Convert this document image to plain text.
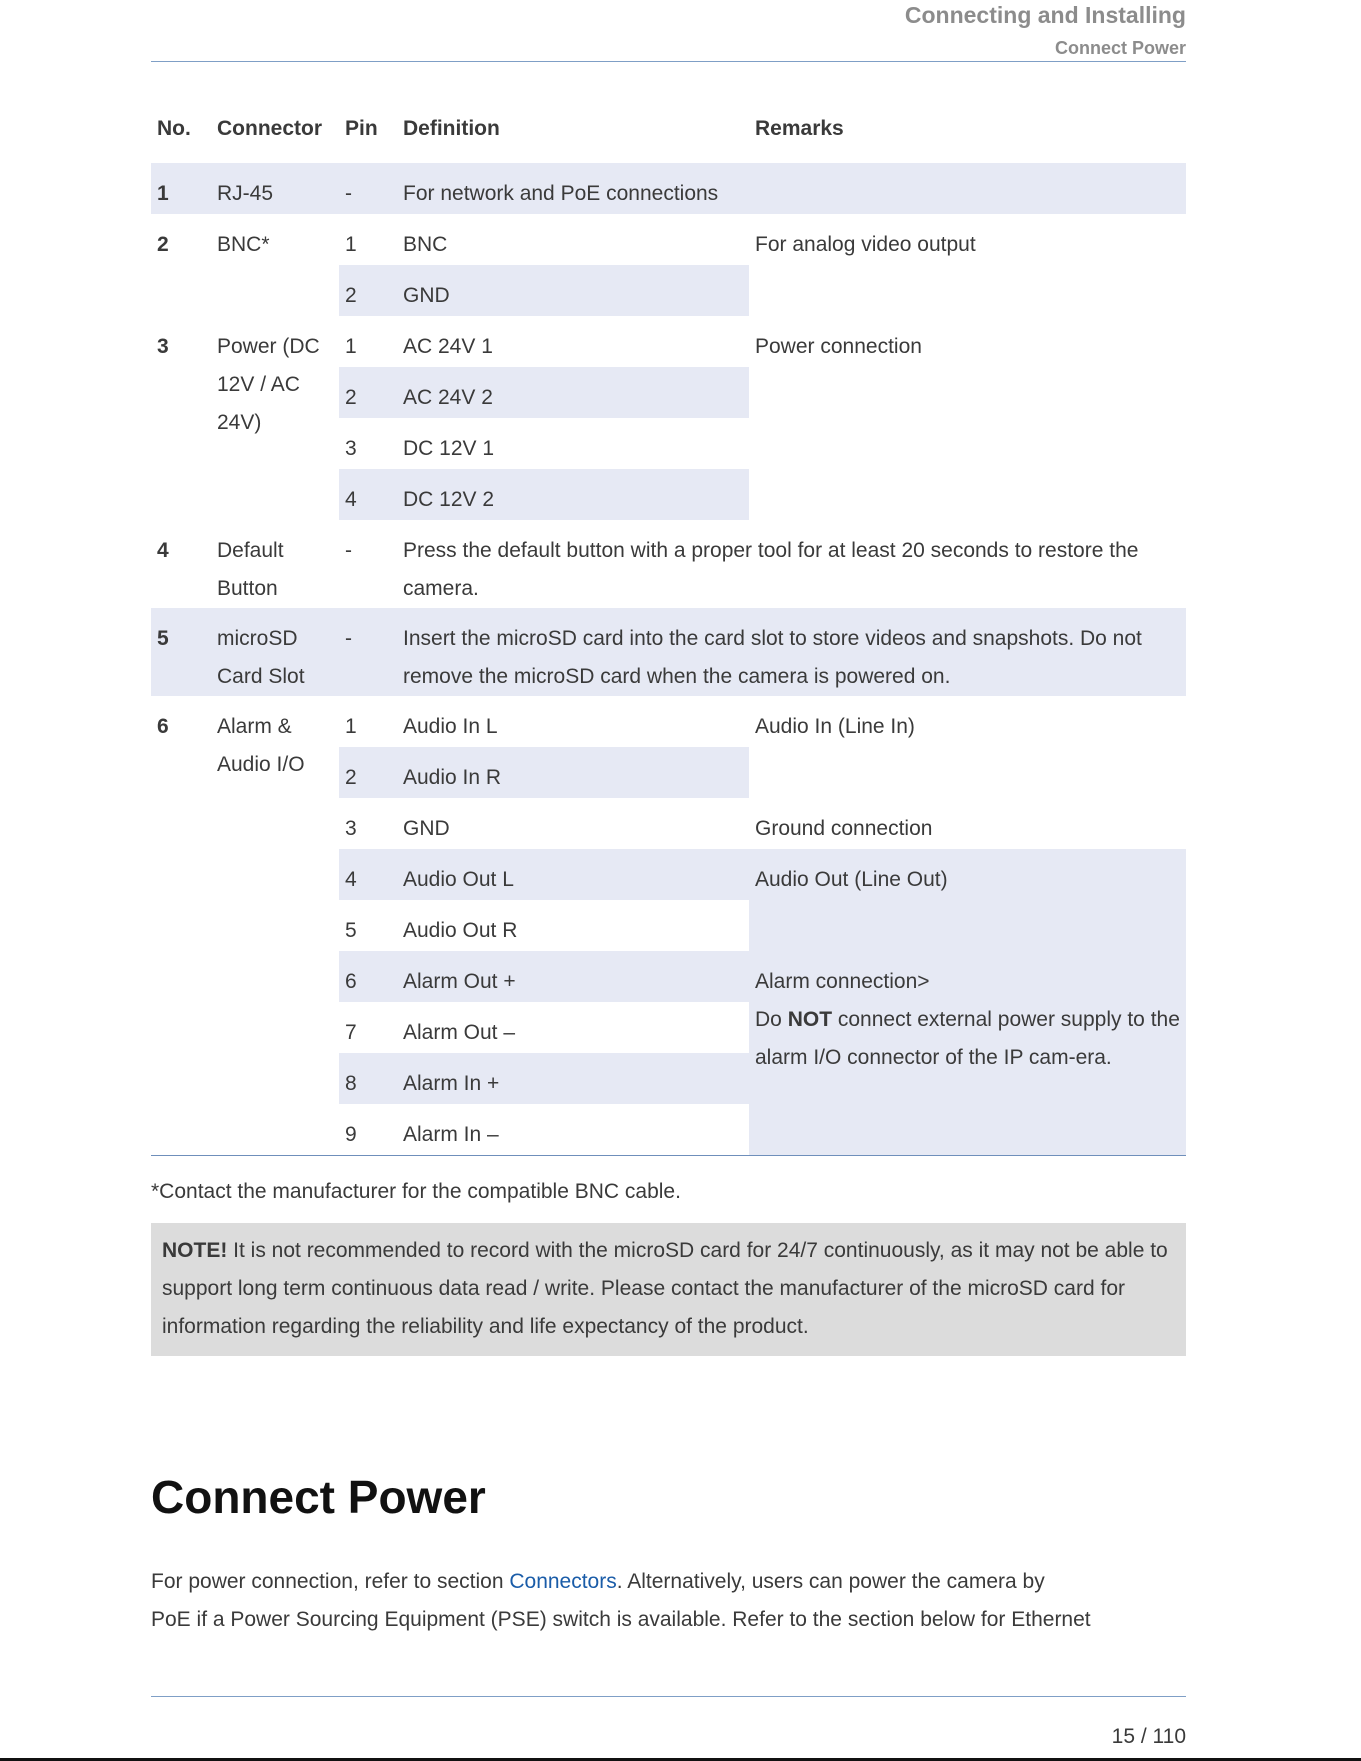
Connecting and Installing
Connect Power
No.	Connector	Pin	Definition	Remarks
1	RJ-45	-	For network and PoE connections	
2	BNC*	1	BNC	For analog video output
		2	GND	
3	Power (DC 12V / AC 24V)	1	AC 24V 1	Power connection
		2	AC 24V 2	
		3	DC 12V 1	
		4	DC 12V 2	
4	Default Button	-	Press the default button with a proper tool for at least 20 seconds to restore the camera.	
5	microSD Card Slot	-	Insert the microSD card into the card slot to store videos and snapshots. Do not remove the microSD card when the camera is powered on.	
6	Alarm & Audio I/O	1	Audio In L	Audio In (Line In)
		2	Audio In R	
		3	GND	Ground connection
		4	Audio Out L	Audio Out (Line Out)
		5	Audio Out R	
		6	Alarm Out +	Alarm connection>
Do NOT connect external power supply to the alarm I/O connector of the IP cam-era.
		7	Alarm Out –	
		8	Alarm In +	
		9	Alarm In –	
*Contact the manufacturer for the compatible BNC cable.
NOTE! It is not recommended to record with the microSD card for 24/7 continuously, as it may not be able to support long term continuous data read / write. Please contact the manufacturer of the microSD card for information regarding the reliability and life expectancy of the product.
Connect Power
For power connection, refer to section Connectors. Alternatively, users can power the camera by
PoE if a Power Sourcing Equipment (PSE) switch is available. Refer to the section below for Ethernet
15 / 110
